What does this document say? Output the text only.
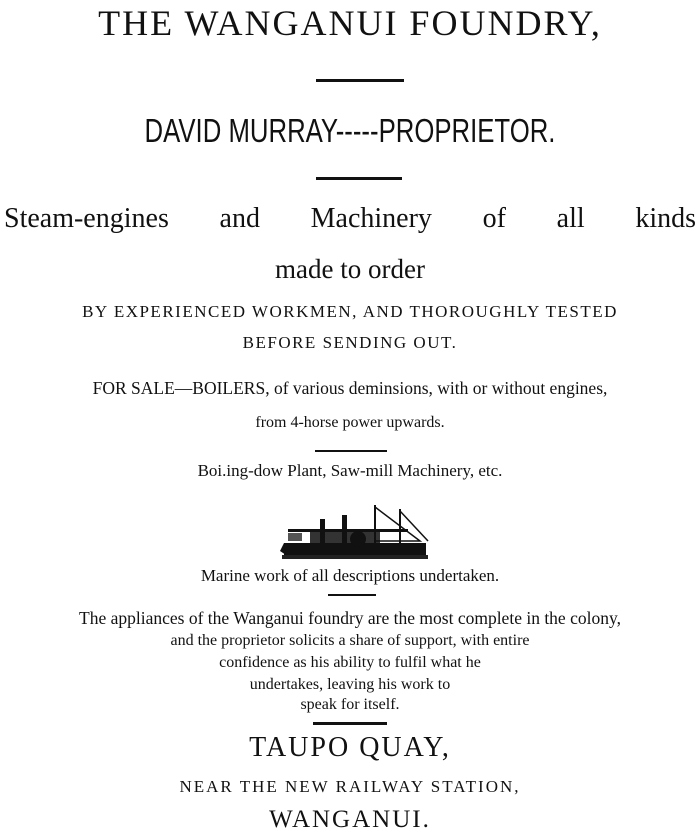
THE WANGANUI FOUNDRY,
DAVID MURRAY-----PROPRIETOR.
Steam-engines and Machinery of all kinds
made to order
BY EXPERIENCED WORKMEN, AND THOROUGHLY TESTED
BEFORE SENDING OUT.
FOR SALE—BOILERS, of various deminsions, with or without engines,
from 4-horse power upwards.
Boi.ing-dow Plant, Saw-mill Machinery, etc.
Marine work of all descriptions undertaken.
The appliances of the Wanganui foundry are the most complete in the colony,
and the proprietor solicits a share of support, with entire
confidence as his ability to fulfil what he
undertakes, leaving his work to
speak for itself.
TAUPO QUAY,
NEAR THE NEW RAILWAY STATION,
WANGANUI.
